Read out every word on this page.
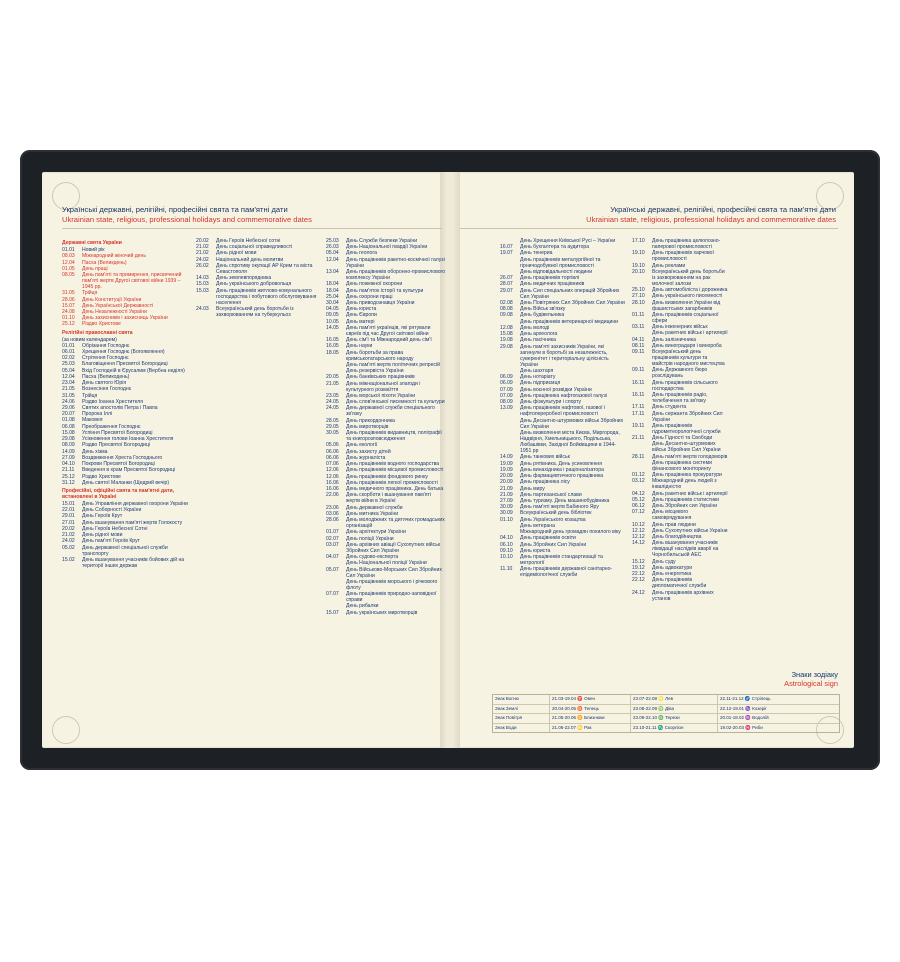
Українські державні, релігійні, професійні свята та пам'ятні дати
Ukrainian state, religious, professional holidays and commemorative dates
Українські державні, релігійні, професійні свята та пам'ятні дати
Ukrainian state, religious, professional holidays and commemorative dates
Державні свята України
01.01	Новий рік
08.03	Міжнародний жіночий день
12.04	Пасха (Великдень)
01.05	День праці
08.05	День пам'яті та примирення, присвячений пам'яті жертв Другої світової війни 1939 – 1945 рр.
31.05	Трійця
28.06	День Конституції України
15.07	День Української Державності
24.08	День Незалежності України
01.10	День захисників і захисниць України
25.12	Різдво Христове
Релігійні православні свята
(за новим календарем)
01.01	Обрізання Господнє
06.01	Хрещення Господнє (Богоявлення)
02.02	Стрітення Господнє
25.03	Благовіщення Пресвятої Богородиці
05.04	Вхід Господній в Єрусалим (Вербна неділя)
12.04	Пасха (Великодень)
23.04	День святого Юрія
21.05	Вознесіння Господнє
31.05	Трійця
24.06	Різдво Іоанна Хрестителя
29.06	Святих апостолів Петра і Павла
20.07	Пророка Іллі
01.08	Маковея
06.08	Преображення Господнє
15.08	Успіння Пресвятої Богородиці
29.08	Усікновення голови Іоанна Хрестителя
08.09	Різдво Пресвятої Богородиці
14.09	День хізма
27.09	Воздвиження Хреста Господнього
04.10	Покрови Пресвятої Богородиці
21.11	Введення в храм Пресвятої Богородиці
25.12	Різдво Христове
31.12	День святої Маланки (Щедрий вечір)
Професійні, офіційні свята та пам'ятні дати, встановлені в Україні
15.01	День Управління державної охорони України
22.01	День Соборності України
29.01	День Героїв Крут
27.01	День вшанування пам'яті жертв Голокосту
20.02	День Героїв Небесної Сотні
21.02	День рідної мови
24.02	День пам'яті Героїв Крут
05.02	День державної спеціальної служби транспорту
15.02	День вшанування учасників бойових дій на території інших держав
20.02	День Героїв Небесної сотні
21.02	День соціальної справедливості
21.02	День рідної мови
24.02	Національний день молитви
26.02	День спротиву окупації АР Крим та міста Севастополя
14.03	День землевпорядника
15.03	День українського добровольця
15.03	День працівників житлово-комунального господарства і побутового обслуговування населення
24.03	Всеукраїнський день боротьби із захворюванням на туберкульоз
25.03	День Служби безпеки України
26.03	День Національної гвардії України
05.04	День геолога
12.04	День працівників ракетно-космічної галузі України
13.04	День працівників оборонно-промислового комплексу України
18.04	День пожежної охорони
18.04	День пам'яток історії та культури
25.04	День охорони праці
30.04	День приводознавця України
04.05	День юриста
09.05	День Європи
10.05	День матері
14.05	День пам'яті українців, які рятували євреїв під час Другої світової війни
16.05	День сім'ї та Міжнародний день сім'ї
16.05	День науки
18.05	День боротьби за права кримськотатарського народу
День пам'яті жертв політичних репресій
День резервіста України
20.05	День банківських працівників
21.05	День міжнаціональної злагоди і культурного розмаїття
23.05	День морської піхоти України
24.05	День слов'янської писемності та культури
24.05	День державної служби спеціального зв'язку
28.05	День прикордонника
29.05	День миротворців
30.05	День працівників видавництв, поліграфії та книгорозповсюдження
05.06	День екології
06.06	День захисту дітей
06.06	День журналіста
07.06	День працівників водного господарства
12.06	День працівників місцевої промисловості
12.06	День працівників фондового ринку
16.06	День працівників легкої промисловості
16.06	День медичного працівника. День батька
22.06	День скорботи і вшанування пам'яті жертв війни в Україні
23.06	День державної служби
03.06	День митника України
28.06	День молодіжних та дитячих громадських організацій
01.07	День архітектури України
02.07	День поліції України
03.07	День архівних авіації Сухопутних військ Збройних Сил України
04.07	День судово-експерта
День Національної поліції України
05.07	День Військово-Морських Сил Збройних Сил України
День працівників морського і річкового флоту
07.07	День працівників природно-заповідної справи
День рибалки
15.07	День українських миротворців
День Хрещення Київської Русі – України
16.07	День бухгалтера та аудитора
19.07	День тенериа
День працівників металургійної та гірничодобувної промисловості
День відповідальності людини
26.07	День працівників торгівлі
28.07	День медичних працівників
29.07	День Сил спеціальних операцій Збройних Сил України
02.08	День Повітряних Сил Збройних Сил України
08.08	День Військ зв'язку
09.08	День будівельника
День працівників ветеринарної медицини
12.08	День молоді
15.08	День археолога
19.08	День пасічника
29.08	День пам'яті захисників України, які загинули в боротьбі за незалежність, суверенітет і територіальну цілісність України
День шахтаря
06.09	День нотаріату
06.09	День підприємця
07.09	День воєнної розвідки України
07.09	День працівника нафтогазової галузі
08.09	День фізкультури і спорту
13.09	День працівників нафтової, газової і нафтопереробної промисловості
День Десантно-штурмових військ Збройних Сил України
День визволення міста Києва, Миргорода, Надвірня, Хмельницького, Подільська, Любашівки, Західної Бойківщини в 1944-1951 рр
14.09	День танкових військ
19.09	День рятівника. День усиновлення
19.09	День винахідника і раціоналізатора
20.09	День фармацевтичного працівника
20.09	День працівника лісу
21.09	День миру
21.09	День партизанської слави
27.09	День туризму. День машинобудівника
30.09	День пам'яті жертв Бабиного Яру
30.09	Всеукраїнський день бібліотек
01.10	День Українського козацтва
День ветерана
Міжнародний день громадян похилого віку
04.10	День працівників освіти
06.10	День Збройних Сил України
09.10	День юриста
10.10	День працівників стандартизації та метрології
11.10	День працівників державної санітарно-епідеміологічної служби
17.10	День працівника целюлозно-паперової промисловості
19.10	День працівників харчової промисловості
19.10	День реклами
20.10	Всеукраїнський день боротьби із захворюванням на рак молочної залози
25.10	День автомобіліста і дорожника
27.10	День українського писемності
28.10	День визволення України від фашистських загарбників
01.11	День працівників соціальної сфери
03.11	День інженерних військ
День ракетних військ і артилерії
04.11	День залізничника
08.11	День виноградаря і винороба
09.11	Всеукраїнський день працівників культури та майстрів народного мистецтва
09.11	День Державного бюро розслідувань
16.11	День працівників сільського господарства
16.11	День працівників радіо, телебачення та зв'язку
17.11	День студента
17.11	День сержанта Збройних Сил України
19.11	День працівників гідрометеорологічної служби
21.11	День Гідності та Свободи
День Десантно-штурмових військ Збройних Сил України
28.11	День пам'яті жертв голодоморів
День працівника системи фінансового моніторингу
01.12	День працівника прокуратури
03.12	Міжнародний день людей з інвалідністю
04.12	День ракетних військ і артилерії
05.12	День працівників статистики
06.12	День Збройних сил України
07.12	День місцевого самоврядування
10.12	День прав людини
12.12	День Сухопутних військ України
12.12	День благодійництва
14.12	День вшанування учасників ліквідації наслідків аварії на Чорнобильській АЕС
15.12	День суду
19.12	День адвокатури
22.12	День енергетика
22.12	День працівників дипломатичної служби
24.12	День працівників архівних установ
Знаки зодіаку
Astrological sign
Знак Вогню	21.03-19.04 ♈ Овен	23.07-22.08 ♌ Лев	22.11-21.12 ♐ Стрілець
Знак Землі	20.04-20.05 ♉ Телець	23.08-22.09 ♍ Діва	22.12-19.01 ♑ Козеріг
Знак Повітря	21.05-20.06 ♊ Близнюки	23.09-22.10 ♎ Терези	20.01-18.02 ♒ Водолій
Знак Води	21.06-22.07 ♋ Рак	23.10-21.11 ♏ Скорпіон	19.02-20.03 ♓ Риби
